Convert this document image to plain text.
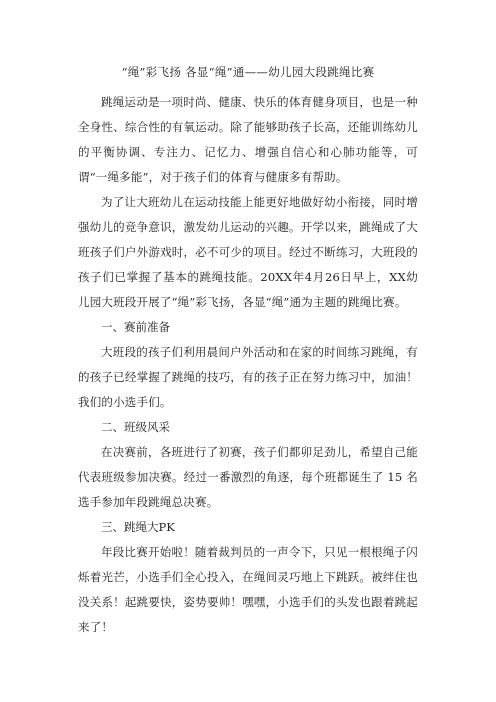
“绳”彩飞扬 各显“绳”通——幼儿园大段跳绳比赛

跳绳运动是一项时尚、健康、快乐的体育健身项目，也是一种全身性、综合性的有氧运动。除了能够助孩子长高，还能训练幼儿的平衡协调、专注力、记忆力、增强自信心和心肺功能等，可谓“一绳多能”，对于孩子们的体育与健康多有帮助。

为了让大班幼儿在运动技能上能更好地做好幼小衔接，同时增强幼儿的竞争意识，激发幼儿运动的兴趣。开学以来，跳绳成了大班孩子们户外游戏时，必不可少的项目。经过不断练习，大班段的孩子们已掌握了基本的跳绳技能。20XX年4月26日早上，XX幼儿园大班段开展了“绳”彩飞扬，各显“绳”通为主题的跳绳比赛。

一、赛前准备

大班段的孩子们利用晨间户外活动和在家的时间练习跳绳，有的孩子已经掌握了跳绳的技巧，有的孩子正在努力练习中，加油！我们的小选手们。

二、班级风采

在决赛前，各班进行了初赛，孩子们都卯足劲儿，希望自己能代表班级参加决赛。经过一番激烈的角逐，每个班都诞生了 15 名选手参加年段跳绳总决赛。

三、跳绳大PK

年段比赛开始啦！随着裁判员的一声令下，只见一根根绳子闪烁着光芒，小选手们全心投入，在绳间灵巧地上下跳跃。被绊住也没关系！起跳要快，姿势要帅！嘿嘿，小选手们的头发也跟着跳起来了！
